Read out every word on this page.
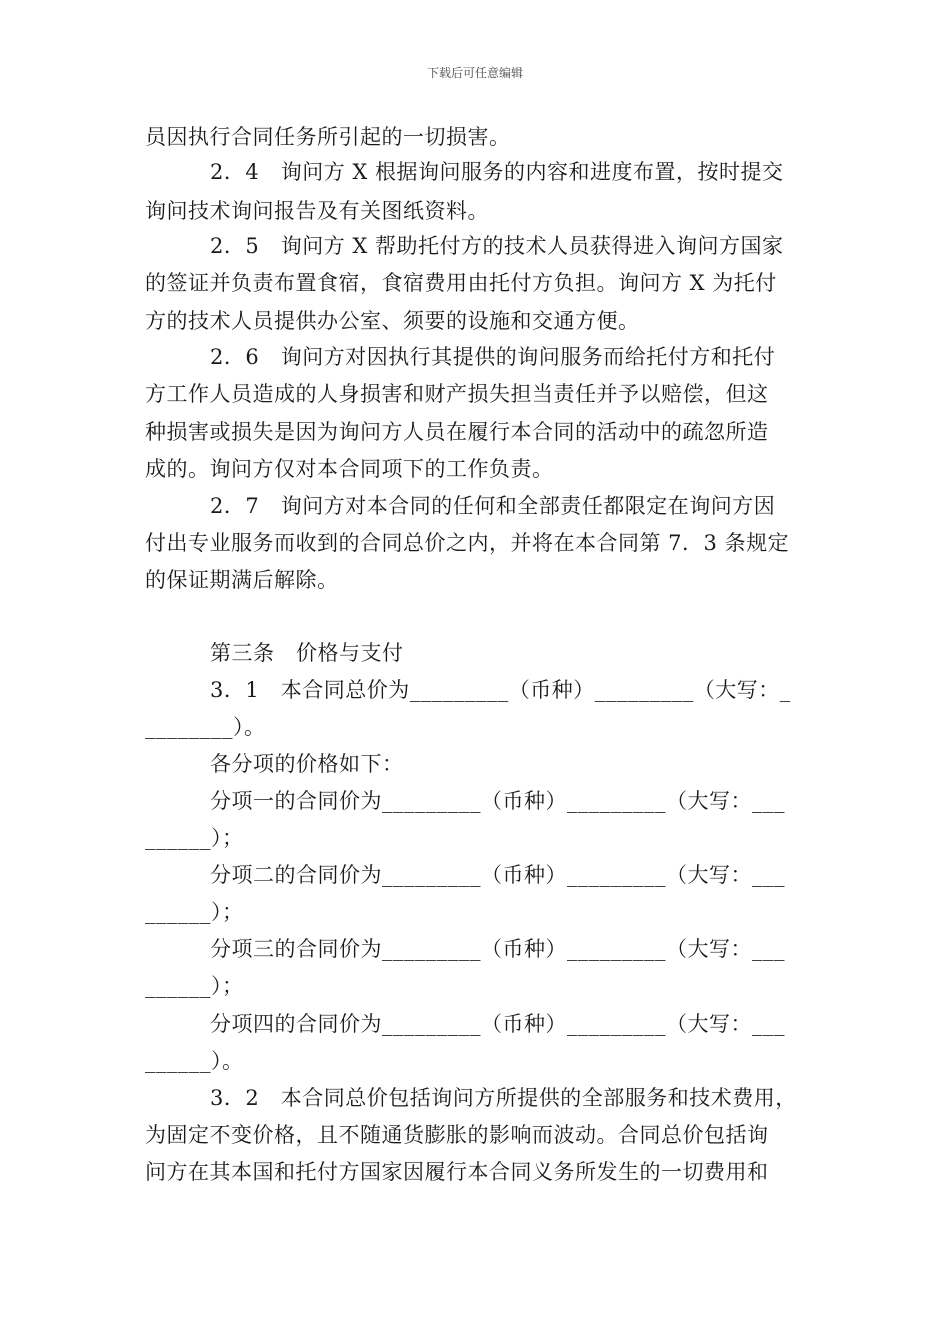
下载后可任意编辑
员因执行合同任务所引起的一切损害。
2．4　询问方 X 根据询问服务的内容和进度布置，按时提交
询问技术询问报告及有关图纸资料。
2．5　询问方 X 帮助托付方的技术人员获得进入询问方国家
的签证并负责布置食宿，食宿费用由托付方负担。询问方 X 为托付
方的技术人员提供办公室、须要的设施和交通方便。
2．6　询问方对因执行其提供的询问服务而给托付方和托付
方工作人员造成的人身损害和财产损失担当责任并予以赔偿，但这
种损害或损失是因为询问方人员在履行本合同的活动中的疏忽所造
成的。询问方仅对本合同项下的工作负责。
2．7　询问方对本合同的任何和全部责任都限定在询问方因
付出专业服务而收到的合同总价之内，并将在本合同第 7．3 条规定
的保证期满后解除。
第三条　价格与支付
3．1　本合同总价为_________（币种）_________（大写：_
________）。
各分项的价格如下：
分项一的合同价为_________（币种）_________（大写：___
______）；
分项二的合同价为_________（币种）_________（大写：___
______）；
分项三的合同价为_________（币种）_________（大写：___
______）；
分项四的合同价为_________（币种）_________（大写：___
______）。
3．2　本合同总价包括询问方所提供的全部服务和技术费用，
为固定不变价格，且不随通货膨胀的影响而波动。合同总价包括询
问方在其本国和托付方国家因履行本合同义务所发生的一切费用和
